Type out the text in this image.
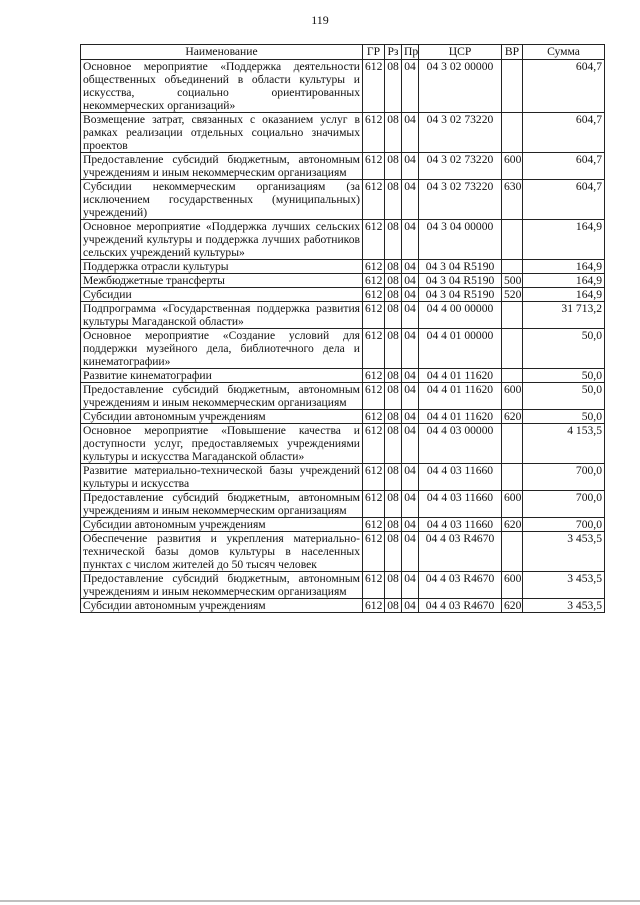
119
Наименование	ГР	Рз	Пр	ЦСР	ВР	Сумма
Основное мероприятие «Поддержка деятельности общественных объединений в области культуры и искусства, социально ориентированных некоммерческих организаций»	612	08	04	04 3 02 00000		604,7
Возмещение затрат, связанных с оказанием услуг в рамках реализации отдельных социально значимых проектов	612	08	04	04 3 02 73220		604,7
Предоставление субсидий бюджетным, автономным учреждениям и иным некоммерческим организациям	612	08	04	04 3 02 73220	600	604,7
Субсидии некоммерческим организациям (за исключением государственных (муниципальных) учреждений)	612	08	04	04 3 02 73220	630	604,7
Основное мероприятие «Поддержка лучших сельских учреждений культуры и поддержка лучших работников сельских учреждений культуры»	612	08	04	04 3 04 00000		164,9
Поддержка отрасли культуры	612	08	04	04 3 04 R5190		164,9
Межбюджетные трансферты	612	08	04	04 3 04 R5190	500	164,9
Субсидии	612	08	04	04 3 04 R5190	520	164,9
Подпрограмма «Государственная поддержка развития культуры Магаданской области»	612	08	04	04 4 00 00000		31 713,2
Основное мероприятие «Создание условий для поддержки музейного дела, библиотечного дела и кинематографии»	612	08	04	04 4 01 00000		50,0
Развитие кинематографии	612	08	04	04 4 01 11620		50,0
Предоставление субсидий бюджетным, автономным учреждениям и иным некоммерческим организациям	612	08	04	04 4 01 11620	600	50,0
Субсидии автономным учреждениям	612	08	04	04 4 01 11620	620	50,0
Основное мероприятие «Повышение качества и доступности услуг, предоставляемых учреждениями культуры и искусства Магаданской области»	612	08	04	04 4 03 00000		4 153,5
Развитие материально-технической базы учреждений культуры и искусства	612	08	04	04 4 03 11660		700,0
Предоставление субсидий бюджетным, автономным учреждениям и иным некоммерческим организациям	612	08	04	04 4 03 11660	600	700,0
Субсидии автономным учреждениям	612	08	04	04 4 03 11660	620	700,0
Обеспечение развития и укрепления материально-технической базы домов культуры в населенных пунктах с числом жителей до 50 тысяч человек	612	08	04	04 4 03 R4670		3 453,5
Предоставление субсидий бюджетным, автономным учреждениям и иным некоммерческим организациям	612	08	04	04 4 03 R4670	600	3 453,5
Субсидии автономным учреждениям	612	08	04	04 4 03 R4670	620	3 453,5
